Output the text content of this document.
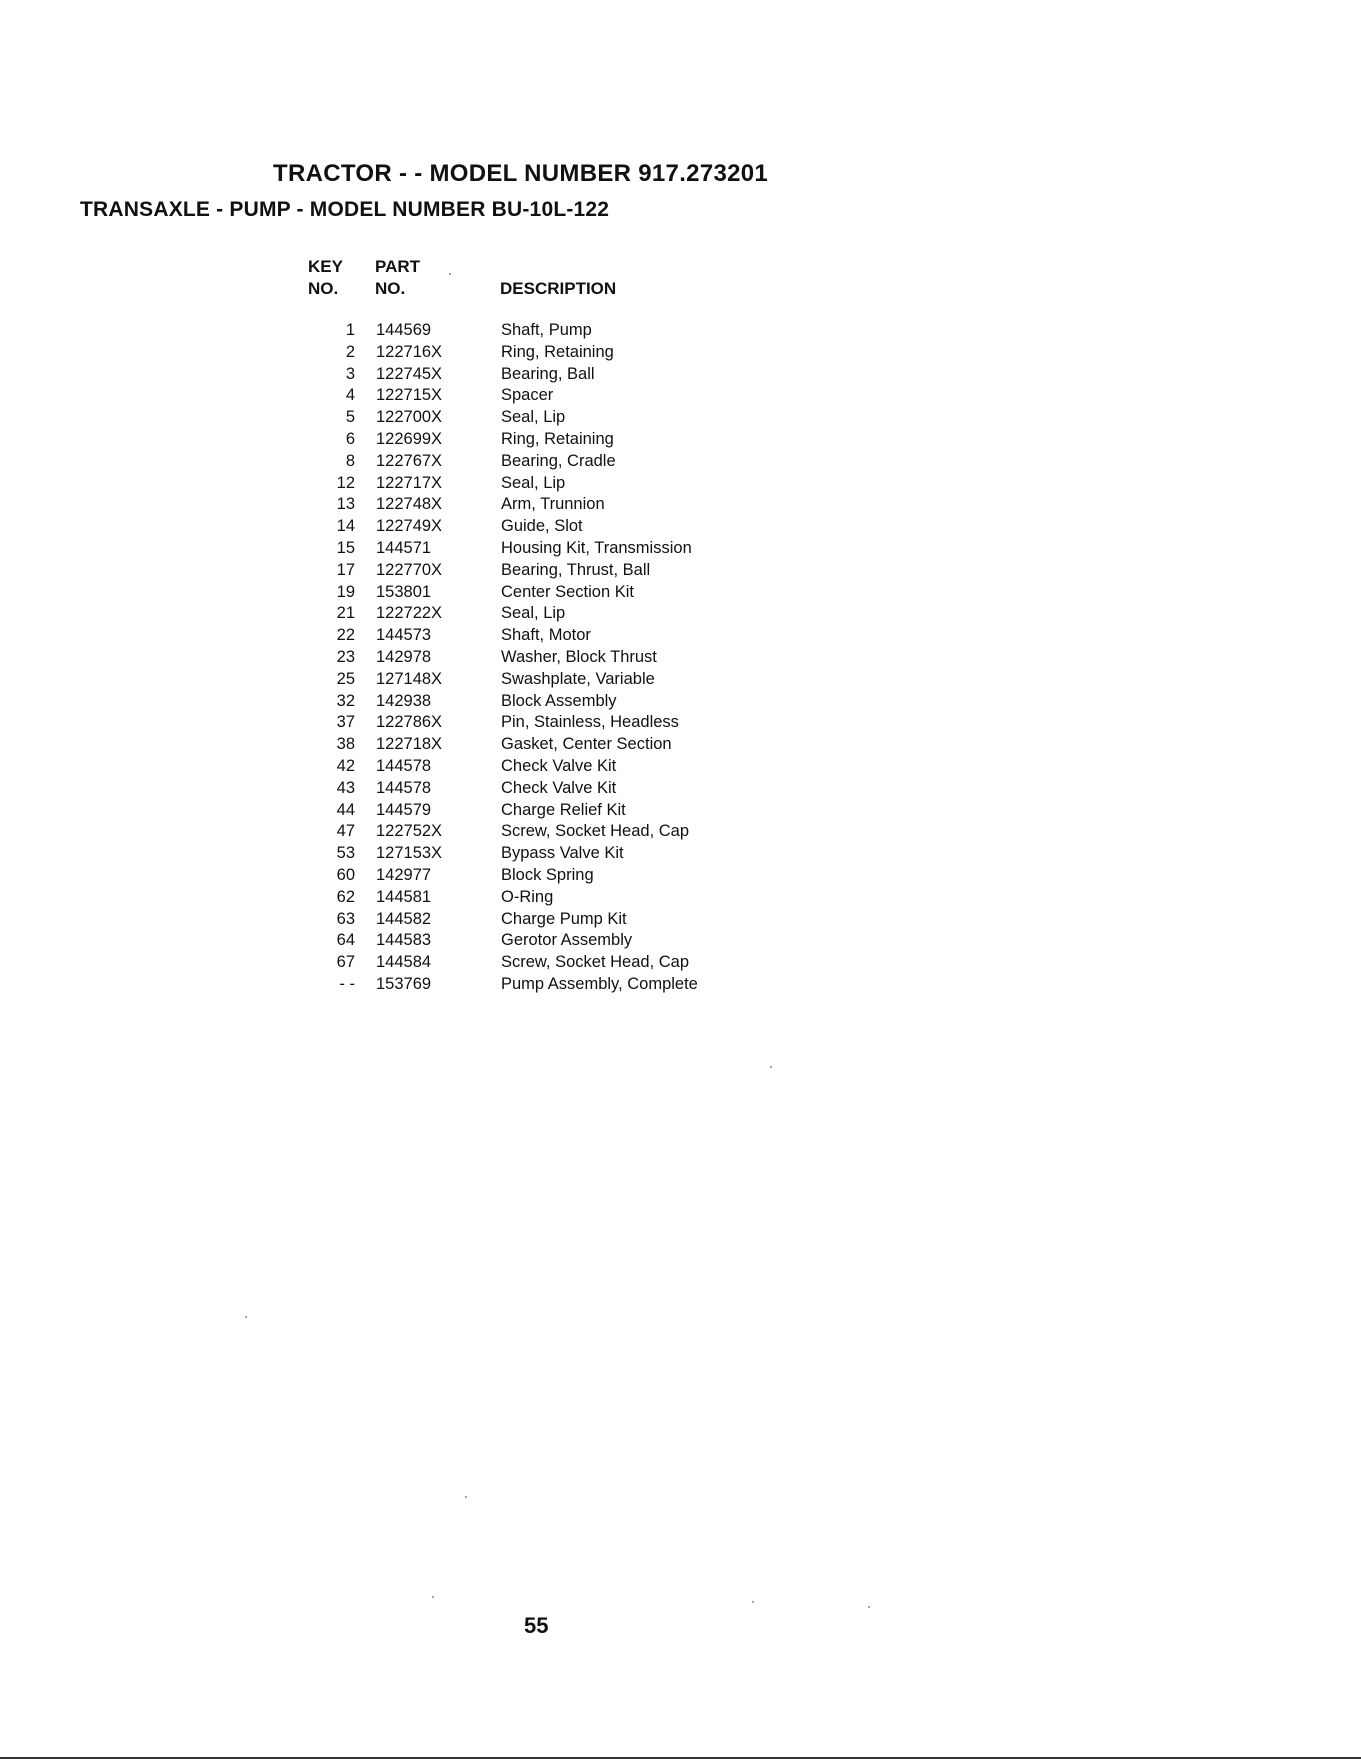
TRACTOR - - MODEL NUMBER 917.273201
TRANSAXLE - PUMP - MODEL NUMBER BU-10L-122
KEY
NO.
PART
NO.	DESCRIPTION
1 144569	Shaft, Pump
2 122716X	Ring, Retaining
3 122745X	Bearing, Ball
4 122715X	Spacer
5 122700X	Seal, Lip
6 122699X	Ring, Retaining
8 122767X	Bearing, Cradle
12 122717X	Seal, Lip
13 122748X	Arm, Trunnion
14 122749X	Guide, Slot
15 144571	Housing Kit, Transmission
17 122770X	Bearing, Thrust, Ball
19 153801	Center Section Kit
21 122722X	Seal, Lip
22 144573	Shaft, Motor
23 142978	Washer, Block Thrust
25 127148X	Swashplate, Variable
32 142938	Block Assembly
37 122786X	Pin, Stainless, Headless
38 122718X	Gasket, Center Section
42 144578	Check Valve Kit
43 144578	Check Valve Kit
44 144579	Charge Relief Kit
47 122752X	Screw, Socket Head, Cap
53 127153X	Bypass Valve Kit
60 142977	Block Spring
62 144581	O-Ring
63 144582	Charge Pump Kit
64 144583	Gerotor Assembly
67 144584	Screw, Socket Head, Cap
- - 153769	Pump Assembly, Complete
55
